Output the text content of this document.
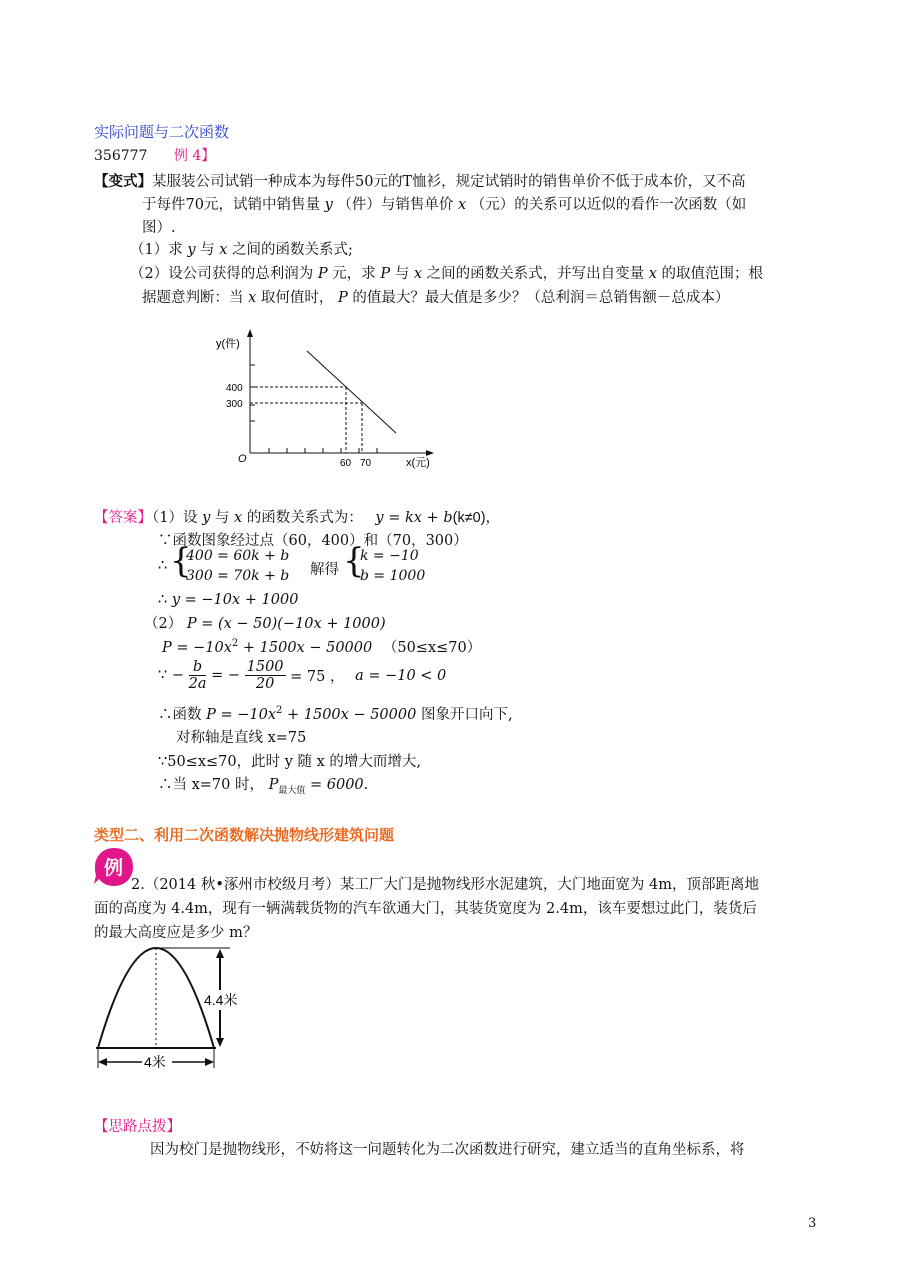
实际问题与二次函数
356777 例 4】
【变式】某服装公司试销一种成本为每件50元的T恤衫，规定试销时的销售单价不低于成本价，又不高
于每件70元，试销中销售量 y （件）与销售单价 x （元）的关系可以近似的看作一次函数（如
图）.
（1）求 y 与 x 之间的函数关系式;
（2）设公司获得的总利润为 P 元，求 P 与 x 之间的函数关系式，并写出自变量 x 的取值范围；根
据题意判断：当 x 取何值时， P 的值最大？最大值是多少？（总利润＝总销售额－总成本）
y(件)
x(元)
O
400
300
60 70
【答案】（1）设 y 与 x 的函数关系式为： y = kx + b(k≠0)，
∵函数图象经过点（60，400）和（70，300）
∴ {
400 = 60k + b
300 = 70k + b 解得 {
k = −10
b = 1000
∴ y = −10x + 1000
（2） P = (x − 50)(−10x + 1000)
$P = -10x^2 + 1500x - 50000$ （50≤x≤70）
∵ − $\frac{b}{2a}$ = − $\frac{1500}{20} = 75$ ， a = −10 < 0
∴函数 $P = -10x^2 + 1500x - 50000$ 图象开口向下,
对称轴是直线 x=75
∵50≤x≤70，此时 y 随 x 的增大而增大,
∴当 x=70 时， $P_{最大值} = 6000$.
类型二、利用二次函数解决抛物线形建筑问题
例
2.（2014 秋•涿州市校级月考）某工厂大门是抛物线形水泥建筑，大门地面宽为 4m，顶部距离地
面的高度为 4.4m，现有一辆满载货物的汽车欲通大门，其装货宽度为 2.4m，该车要想过此门，装货后
的最大高度应是多少 m？
4.4米
4米
【思路点拨】
因为校门是抛物线形，不妨将这一问题转化为二次函数进行研究，建立适当的直角坐标系，将
3
